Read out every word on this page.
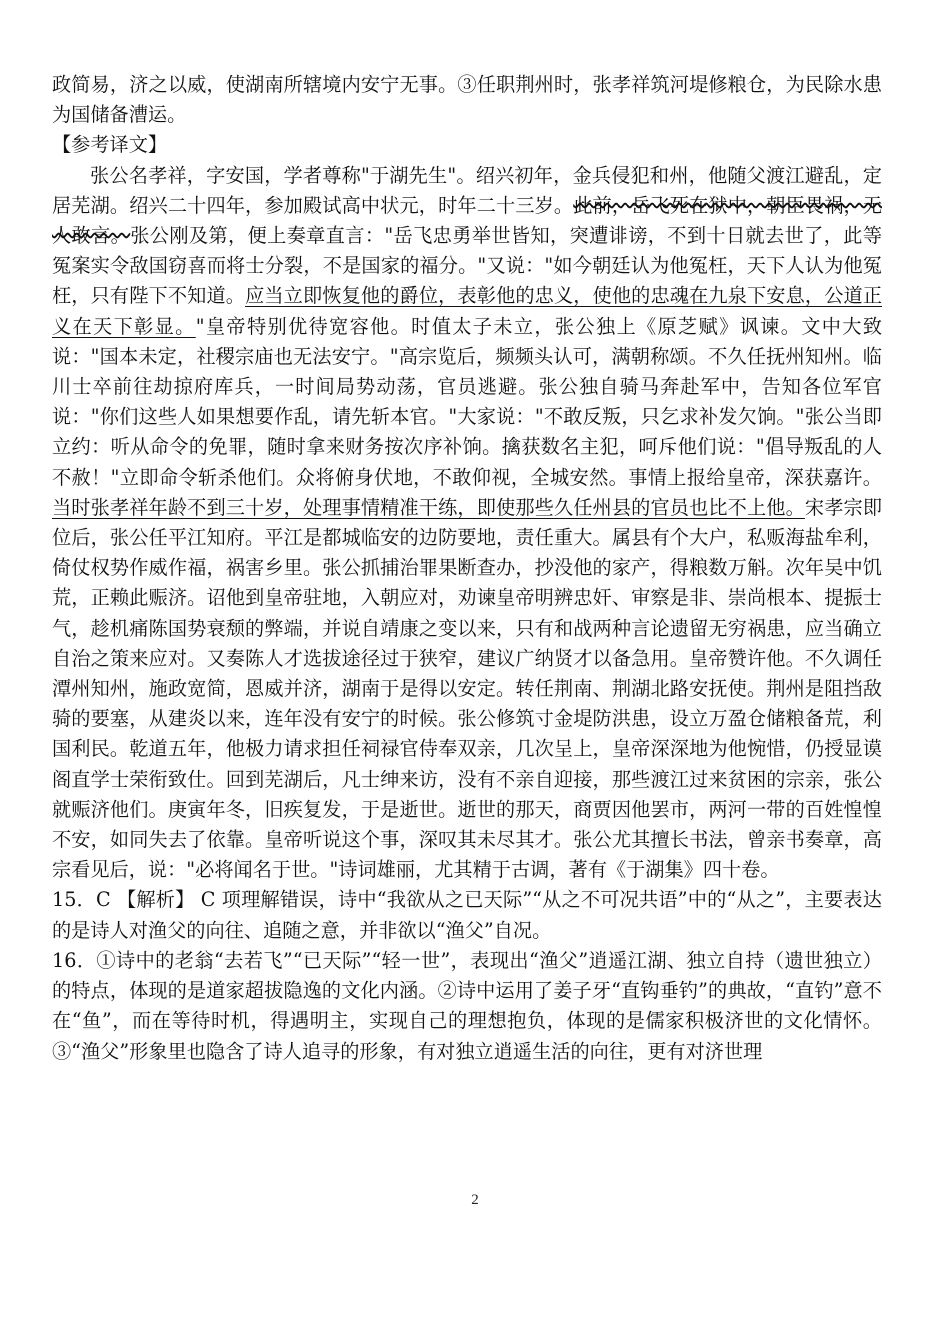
政简易，济之以威，使湖南所辖境内安宁无事。③任职荆州时，张孝祥筑河堤修粮仓，为民除水患为国储备漕运。

【参考译文】

张公名孝祥，字安国，学者尊称"于湖先生"。绍兴初年，金兵侵犯和州，他随父渡江避乱，定居芜湖。绍兴二十四年，参加殿试高中状元，时年二十三岁。此前，岳飞死在狱中，朝臣畏祸，无人敢言。张公刚及第，便上奏章直言："岳飞忠勇举世皆知，突遭诽谤，不到十日就去世了，此等冤案实令敌国窃喜而将士分裂，不是国家的福分。"又说："如今朝廷认为他冤枉，天下人认为他冤枉，只有陛下不知道。应当立即恢复他的爵位，表彰他的忠义，使他的忠魂在九泉下安息，公道正义在天下彰显。"皇帝特别优待宽容他。时值太子未立，张公独上《原芝赋》讽谏。文中大致说："国本未定，社稷宗庙也无法安宁。"高宗览后，频频头认可，满朝称颂。不久任抚州知州。临川士卒前往劫掠府库兵，一时间局势动荡，官员逃避。张公独自骑马奔赴军中，告知各位军官说："你们这些人如果想要作乱，请先斩本官。"大家说："不敢反叛，只乞求补发欠饷。"张公当即立约：听从命令的免罪，随时拿来财务按次序补饷。擒获数名主犯，呵斥他们说："倡导叛乱的人不赦！"立即命令斩杀他们。众将俯身伏地，不敢仰视，全城安然。事情上报给皇帝，深获嘉许。当时张孝祥年龄不到三十岁，处理事情精准干练，即使那些久任州县的官员也比不上他。宋孝宗即位后，张公任平江知府。平江是都城临安的边防要地，责任重大。属县有个大户，私贩海盐牟利，倚仗权势作威作福，祸害乡里。张公抓捕治罪果断查办，抄没他的家产，得粮数万斛。次年吴中饥荒，正赖此赈济。诏他到皇帝驻地，入朝应对，劝谏皇帝明辨忠奸、审察是非、崇尚根本、提振士气，趁机痛陈国势衰颓的弊端，并说自靖康之变以来，只有和战两种言论遗留无穷祸患，应当确立自治之策来应对。又奏陈人才选拔途径过于狭窄，建议广纳贤才以备急用。皇帝赞许他。不久调任潭州知州，施政宽简，恩威并济，湖南于是得以安定。转任荆南、荆湖北路安抚使。荆州是阻挡敌骑的要塞，从建炎以来，连年没有安宁的时候。张公修筑寸金堤防洪患，设立万盈仓储粮备荒，利国利民。乾道五年，他极力请求担任祠禄官侍奉双亲，几次呈上，皇帝深深地为他惋惜，仍授显谟阁直学士荣衔致仕。回到芜湖后，凡士绅来访，没有不亲自迎接，那些渡江过来贫困的宗亲，张公就赈济他们。庚寅年冬，旧疾复发，于是逝世。逝世的那天，商贾因他罢市，两河一带的百姓惶惶不安，如同失去了依靠。皇帝听说这个事，深叹其未尽其才。张公尤其擅长书法，曾亲书奏章，高宗看见后，说："必将闻名于世。"诗词雄丽，尤其精于古调，著有《于湖集》四十卷。

15．C 【解析】 C 项理解错误，诗中“我欲从之已天际”“从之不可况共语”中的“从之”，主要表达的是诗人对渔父的向往、追随之意，并非欲以“渔父”自况。

16．①诗中的老翁“去若飞”“已天际”“轻一世”，表现出“渔父”逍遥江湖、独立自持（遗世独立）的特点，体现的是道家超拔隐逸的文化内涵。②诗中运用了姜子牙“直钩垂钓”的典故，“直钓”意不在“鱼”，而在等待时机，得遇明主，实现自己的理想抱负，体现的是儒家积极济世的文化情怀。③“渔父”形象里也隐含了诗人追寻的形象，有对独立逍遥生活的向往，更有对济世理

2
